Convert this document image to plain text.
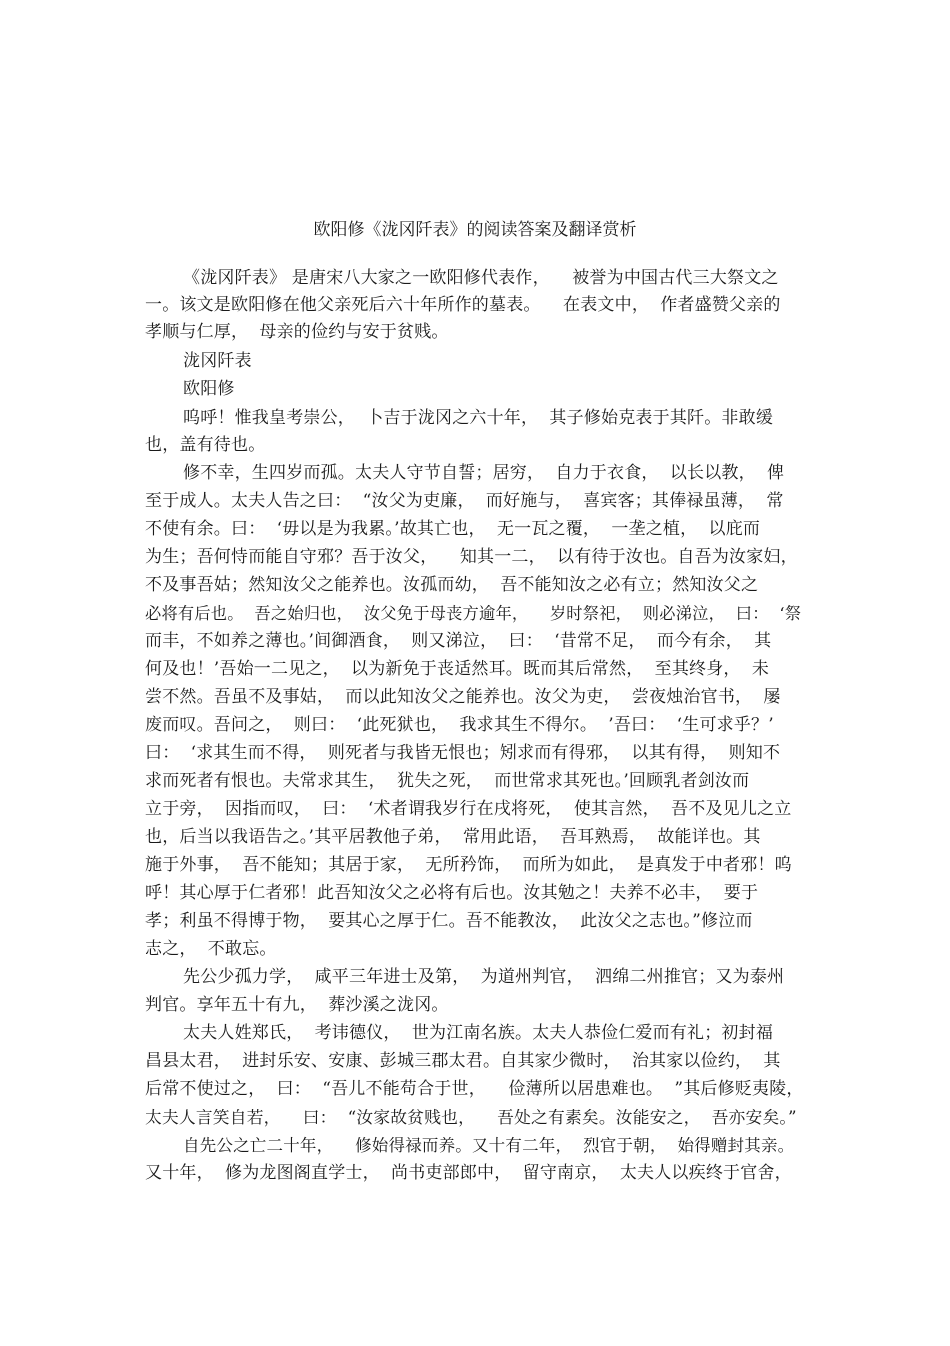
欧阳修《泷冈阡表》的阅读答案及翻译赏析
《泷冈阡表》 是唐宋八大家之一欧阳修代表作，    被誉为中国古代三大祭文之
一。该文是欧阳修在他父亲死后六十年所作的墓表。    在表文中，  作者盛赞父亲的
孝顺与仁厚，  母亲的俭约与安于贫贱。
泷冈阡表
欧阳修
呜呼！惟我皇考崇公，  卜吉于泷冈之六十年，  其子修始克表于其阡。非敢缓
也，盖有待也。
修不幸，生四岁而孤。太夫人守节自誓；居穷，  自力于衣食，  以长以教，  俾
至于成人。太夫人告之曰：  “汝父为吏廉，  而好施与，  喜宾客；其俸禄虽薄，  常
不使有余。曰：  ‘毋以是为我累。’故其亡也，  无一瓦之覆，  一垄之植，  以庇而
为生；吾何恃而能自守邪？吾于汝父，    知其一二，  以有待于汝也。自吾为汝家妇，
不及事吾姑；然知汝父之能养也。汝孤而幼，  吾不能知汝之必有立；然知汝父之
必将有后也。  吾之始归也，  汝父免于母丧方逾年，    岁时祭祀，  则必涕泣，  曰：  ‘祭
而丰，不如养之薄也。’间御酒食，  则又涕泣，  曰：  ‘昔常不足，  而今有余，  其
何及也！’吾始一二见之，  以为新免于丧适然耳。既而其后常然，  至其终身，  未
尝不然。吾虽不及事姑，  而以此知汝父之能养也。汝父为吏，  尝夜烛治官书，  屡
废而叹。吾问之，  则曰：  ‘此死狱也，  我求其生不得尔。  ’吾曰：  ‘生可求乎？’
曰：  ‘求其生而不得，  则死者与我皆无恨也；矧求而有得邪，  以其有得，  则知不
求而死者有恨也。夫常求其生，  犹失之死，  而世常求其死也。’回顾乳者剑汝而
立于旁，  因指而叹，  曰：  ‘术者谓我岁行在戌将死，  使其言然，  吾不及见儿之立
也，后当以我语告之。’其平居教他子弟，  常用此语，  吾耳熟焉，  故能详也。其
施于外事，  吾不能知；其居于家，  无所矜饰，  而所为如此，  是真发于中者邪！呜
呼！其心厚于仁者邪！此吾知汝父之必将有后也。汝其勉之！夫养不必丰，  要于
孝；利虽不得博于物，  要其心之厚于仁。吾不能教汝，  此汝父之志也。”修泣而
志之，  不敢忘。
先公少孤力学，  咸平三年进士及第，  为道州判官，  泗绵二州推官；又为泰州
判官。享年五十有九，  葬沙溪之泷冈。
太夫人姓郑氏，  考讳德仪，  世为江南名族。太夫人恭俭仁爱而有礼；初封福
昌县太君，  进封乐安、安康、彭城三郡太君。自其家少微时，  治其家以俭约，  其
后常不使过之，  曰：  “吾儿不能苟合于世，    俭薄所以居患难也。  ”其后修贬夷陵，
太夫人言笑自若，    曰：  “汝家故贫贱也，    吾处之有素矣。汝能安之，  吾亦安矣。”
自先公之亡二十年，    修始得禄而养。又十有二年，  烈官于朝，  始得赠封其亲。
又十年，  修为龙图阁直学士，  尚书吏部郎中，  留守南京，  太夫人以疾终于官舍，
